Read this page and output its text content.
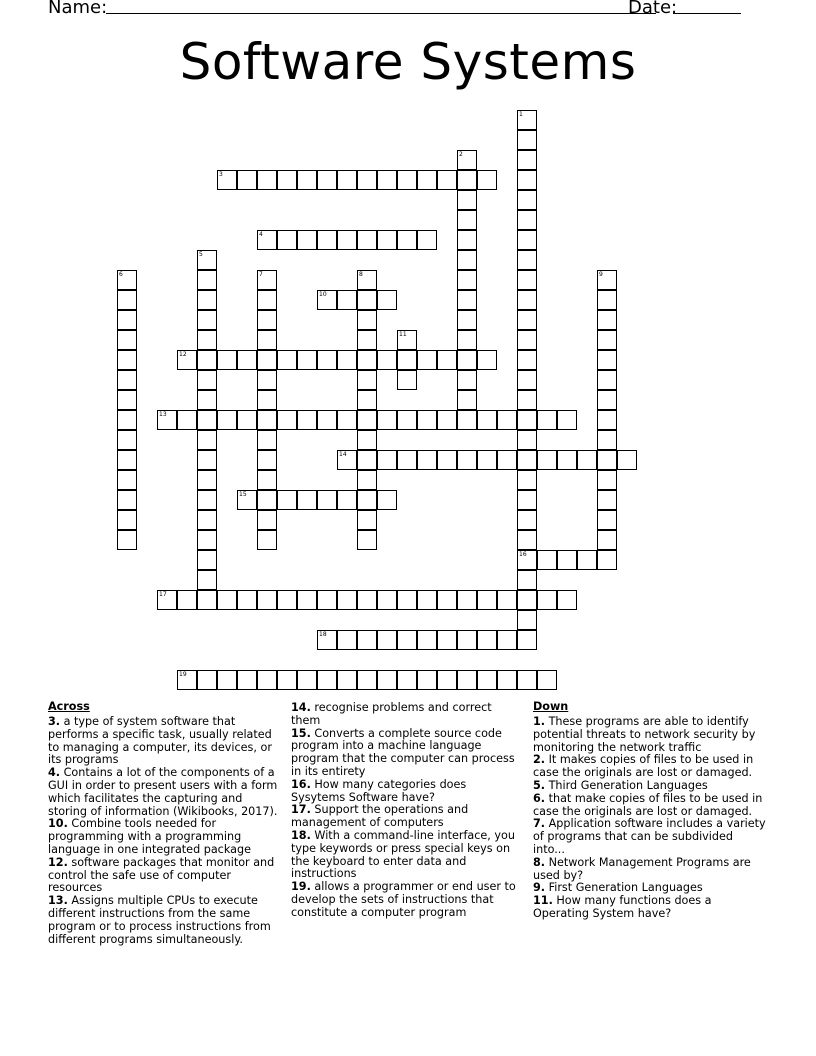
Name:	Date:
Software Systems
1
2
3
4
5
6	7	8	9
10
11
12
13
14
15
16
17
18
19
Across

3. a type of system software that performs a specific task, usually related to managing a computer, its devices, or its programs

4. Contains a lot of the components of a GUI in order to present users with a form which facilitates the capturing and storing of information (Wikibooks, 2017).

10. Combine tools needed for programming with a programming language in one integrated package

12. software packages that monitor and control the safe use of computer resources

13. Assigns multiple CPUs to execute different instructions from the same program or to process instructions from different programs simultaneously.

14. recognise problems and correct them

15. Converts a complete source code program into a machine language program that the computer can process in its entirety

16. How many categories does Sysytems Software have?

17. Support the operations and management of computers

18. With a command-line interface, you type keywords or press special keys on the keyboard to enter data and instructions

19. allows a programmer or end user to develop the sets of instructions that constitute a computer program

Down

1. These programs are able to identify potential threats to network security by monitoring the network traffic

2. It makes copies of files to be used in case the originals are lost or damaged.

5. Third Generation Languages

6. that make copies of files to be used in case the originals are lost or damaged.

7. Application software includes a variety of programs that can be subdivided into...

8. Network Management Programs are used by?

9. First Generation Languages

11. How many functions does a Operating System have?
